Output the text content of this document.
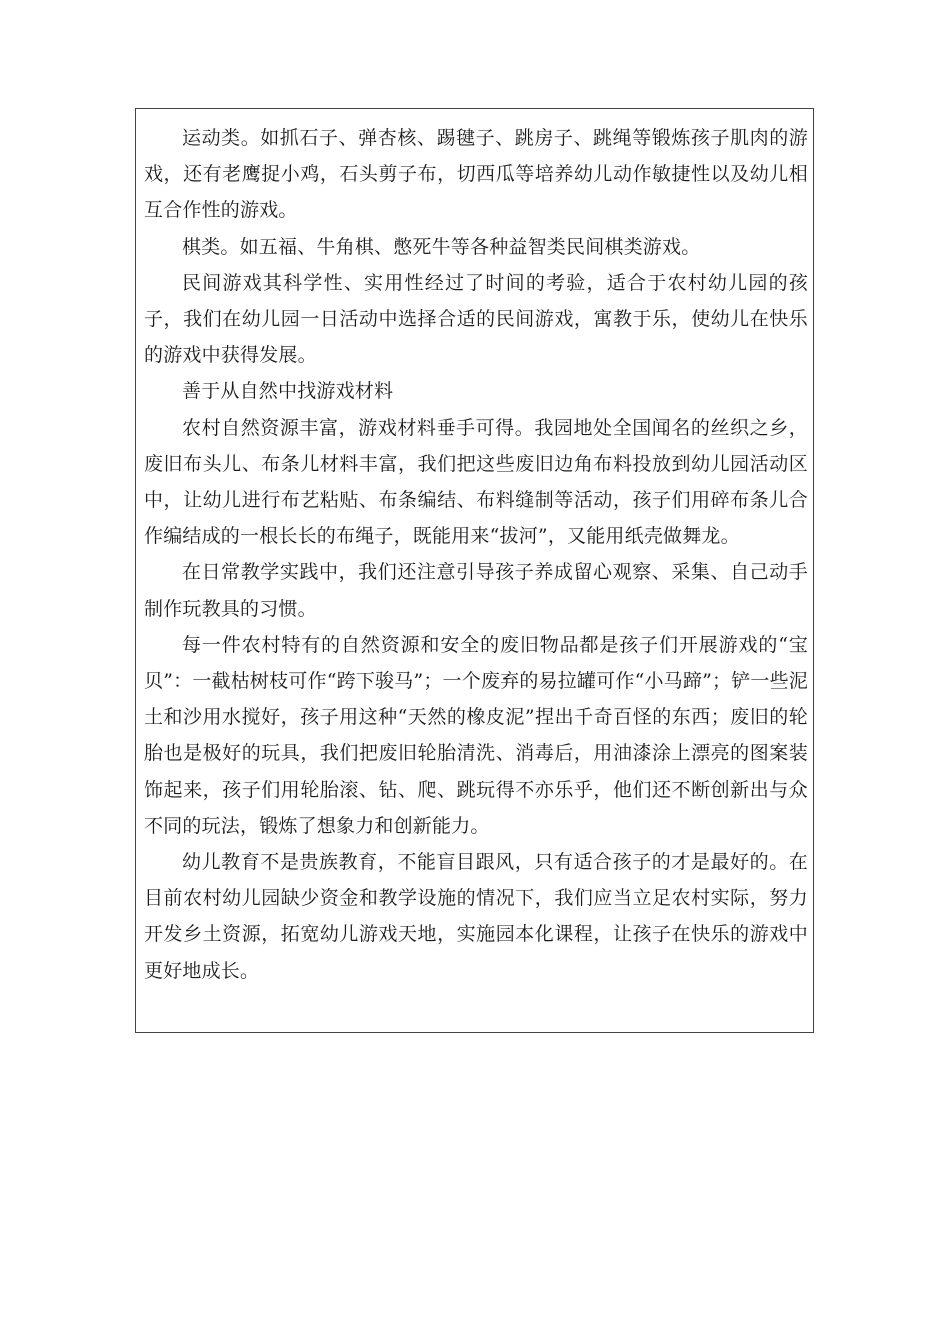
运动类。如抓石子、弹杏核、踢毽子、跳房子、跳绳等锻炼孩子肌肉的游戏，还有老鹰捉小鸡，石头剪子布，切西瓜等培养幼儿动作敏捷性以及幼儿相互合作性的游戏。

棋类。如五福、牛角棋、憋死牛等各种益智类民间棋类游戏。

民间游戏其科学性、实用性经过了时间的考验，适合于农村幼儿园的孩子，我们在幼儿园一日活动中选择合适的民间游戏，寓教于乐，使幼儿在快乐的游戏中获得发展。

善于从自然中找游戏材料

农村自然资源丰富，游戏材料垂手可得。我园地处全国闻名的丝织之乡，废旧布头儿、布条儿材料丰富，我们把这些废旧边角布料投放到幼儿园活动区中，让幼儿进行布艺粘贴、布条编结、布料缝制等活动，孩子们用碎布条儿合作编结成的一根长长的布绳子，既能用来“拔河”，又能用纸壳做舞龙。

在日常教学实践中，我们还注意引导孩子养成留心观察、采集、自己动手制作玩教具的习惯。

每一件农村特有的自然资源和安全的废旧物品都是孩子们开展游戏的“宝贝”：一截枯树枝可作“跨下骏马”；一个废弃的易拉罐可作“小马蹄”；铲一些泥土和沙用水搅好，孩子用这种“天然的橡皮泥”捏出千奇百怪的东西；废旧的轮胎也是极好的玩具，我们把废旧轮胎清洗、消毒后，用油漆涂上漂亮的图案装饰起来，孩子们用轮胎滚、钻、爬、跳玩得不亦乐乎，他们还不断创新出与众不同的玩法，锻炼了想象力和创新能力。

幼儿教育不是贵族教育，不能盲目跟风，只有适合孩子的才是最好的。在目前农村幼儿园缺少资金和教学设施的情况下，我们应当立足农村实际，努力开发乡土资源，拓宽幼儿游戏天地，实施园本化课程，让孩子在快乐的游戏中更好地成长。
